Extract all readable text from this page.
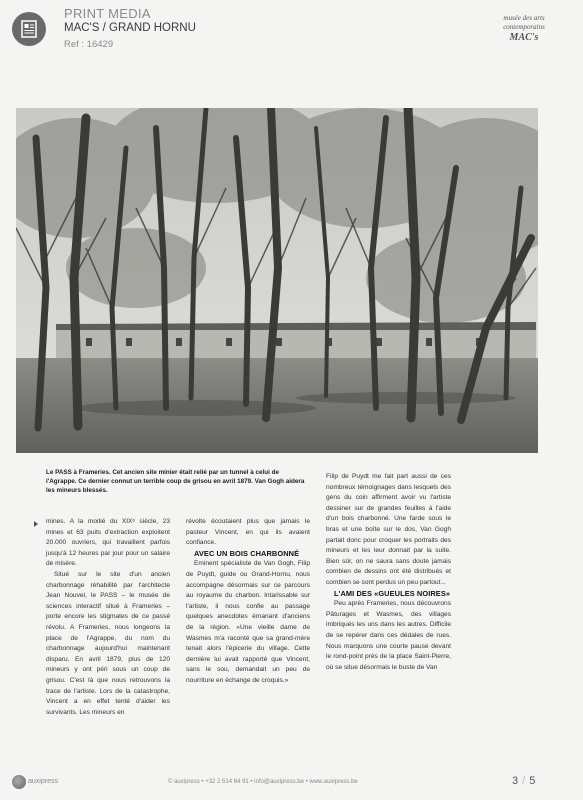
PRINT MEDIA
MAC'S / GRAND HORNU
Ref : 16429
musée des arts
contemporains
MAC's
Le PASS à Frameries. Cet ancien site minier était relié par un tunnel à celui de l'Agrappe. Ce dernier connut un terrible coup de grisou en avril 1879. Van Gogh aidera les mineurs blessés.

mines. A la moitié du XIXᵉ siècle, 23 mines et 63 puits d'extraction exploitent 20.000 ouvriers, qui travaillent parfois jusqu'à 12 heures par jour pour un salaire de misère.

Situé sur le site d'un ancien charbonnage réhabilité par l'architecte Jean Nouvel, le PASS – le musée de sciences interactif situé à Frameries – porte encore les stigmates de ce passé révolu. A Frameries, nous longeons la place de l'Agrappe, du nom du charbonnage aujourd'hui maintenant disparu. En avril 1879, plus de 120 mineurs y ont péri sous un coup de grisou. C'est là que nous retrouvons la trace de l'artiste. Lors de la catastrophe, Vincent a en effet tenté d'aider les survivants. Les mineurs en

révolte écoutaient plus que jamais le pasteur Vincent, en qui ils avaient confiance.

AVEC UN BOIS CHARBONNÉ

Eminent spécialiste de Van Gogh, Filip de Puydt, guide ou Grand-Hornu, nous accompagne désormais sur ce parcours au royaume du charbon. Intarissable sur l'artiste, il nous confie au passage quelques anecdotes émanant d'anciens de la région. «Une vieille dame de Wasmes m'a raconté que sa grand-mère tenait alors l'épicerie du village. Cette dernière lui avait rapporté que Vincent, sans le sou, demandait un peu de nourriture en échange de croquis.»

Filip de Puydt me fait part aussi de ces nombreux témoignages dans lesquels des gens du coin affirment avoir vu l'artiste dessiner sur de grandes feuilles à l'aide d'un bois charbonné. Une farde sous le bras et une boîte sur le dos, Van Gogh partait donc pour croquer les portraits des mineurs et les leur donnait par la suite. Bien sûr, on ne saura sans doute jamais combien de dessins ont été distribués et combien se sont perdus un peu partout...

L'AMI DES «GUEULES NOIRES»

Peu après Frameries, nous découvrons Pâturages et Wasmes, des villages imbriqués les uns dans les autres. Difficile de se repérer dans ces dédales de rues. Nous marquons une courte pause devant le rond-point près de la place Saint-Pierre, où se situe désormais le buste de Van

auxipress	© auxipress • +32 2 514 64 91 • info@auxipress.be • www.auxipress.be	3 / 5
